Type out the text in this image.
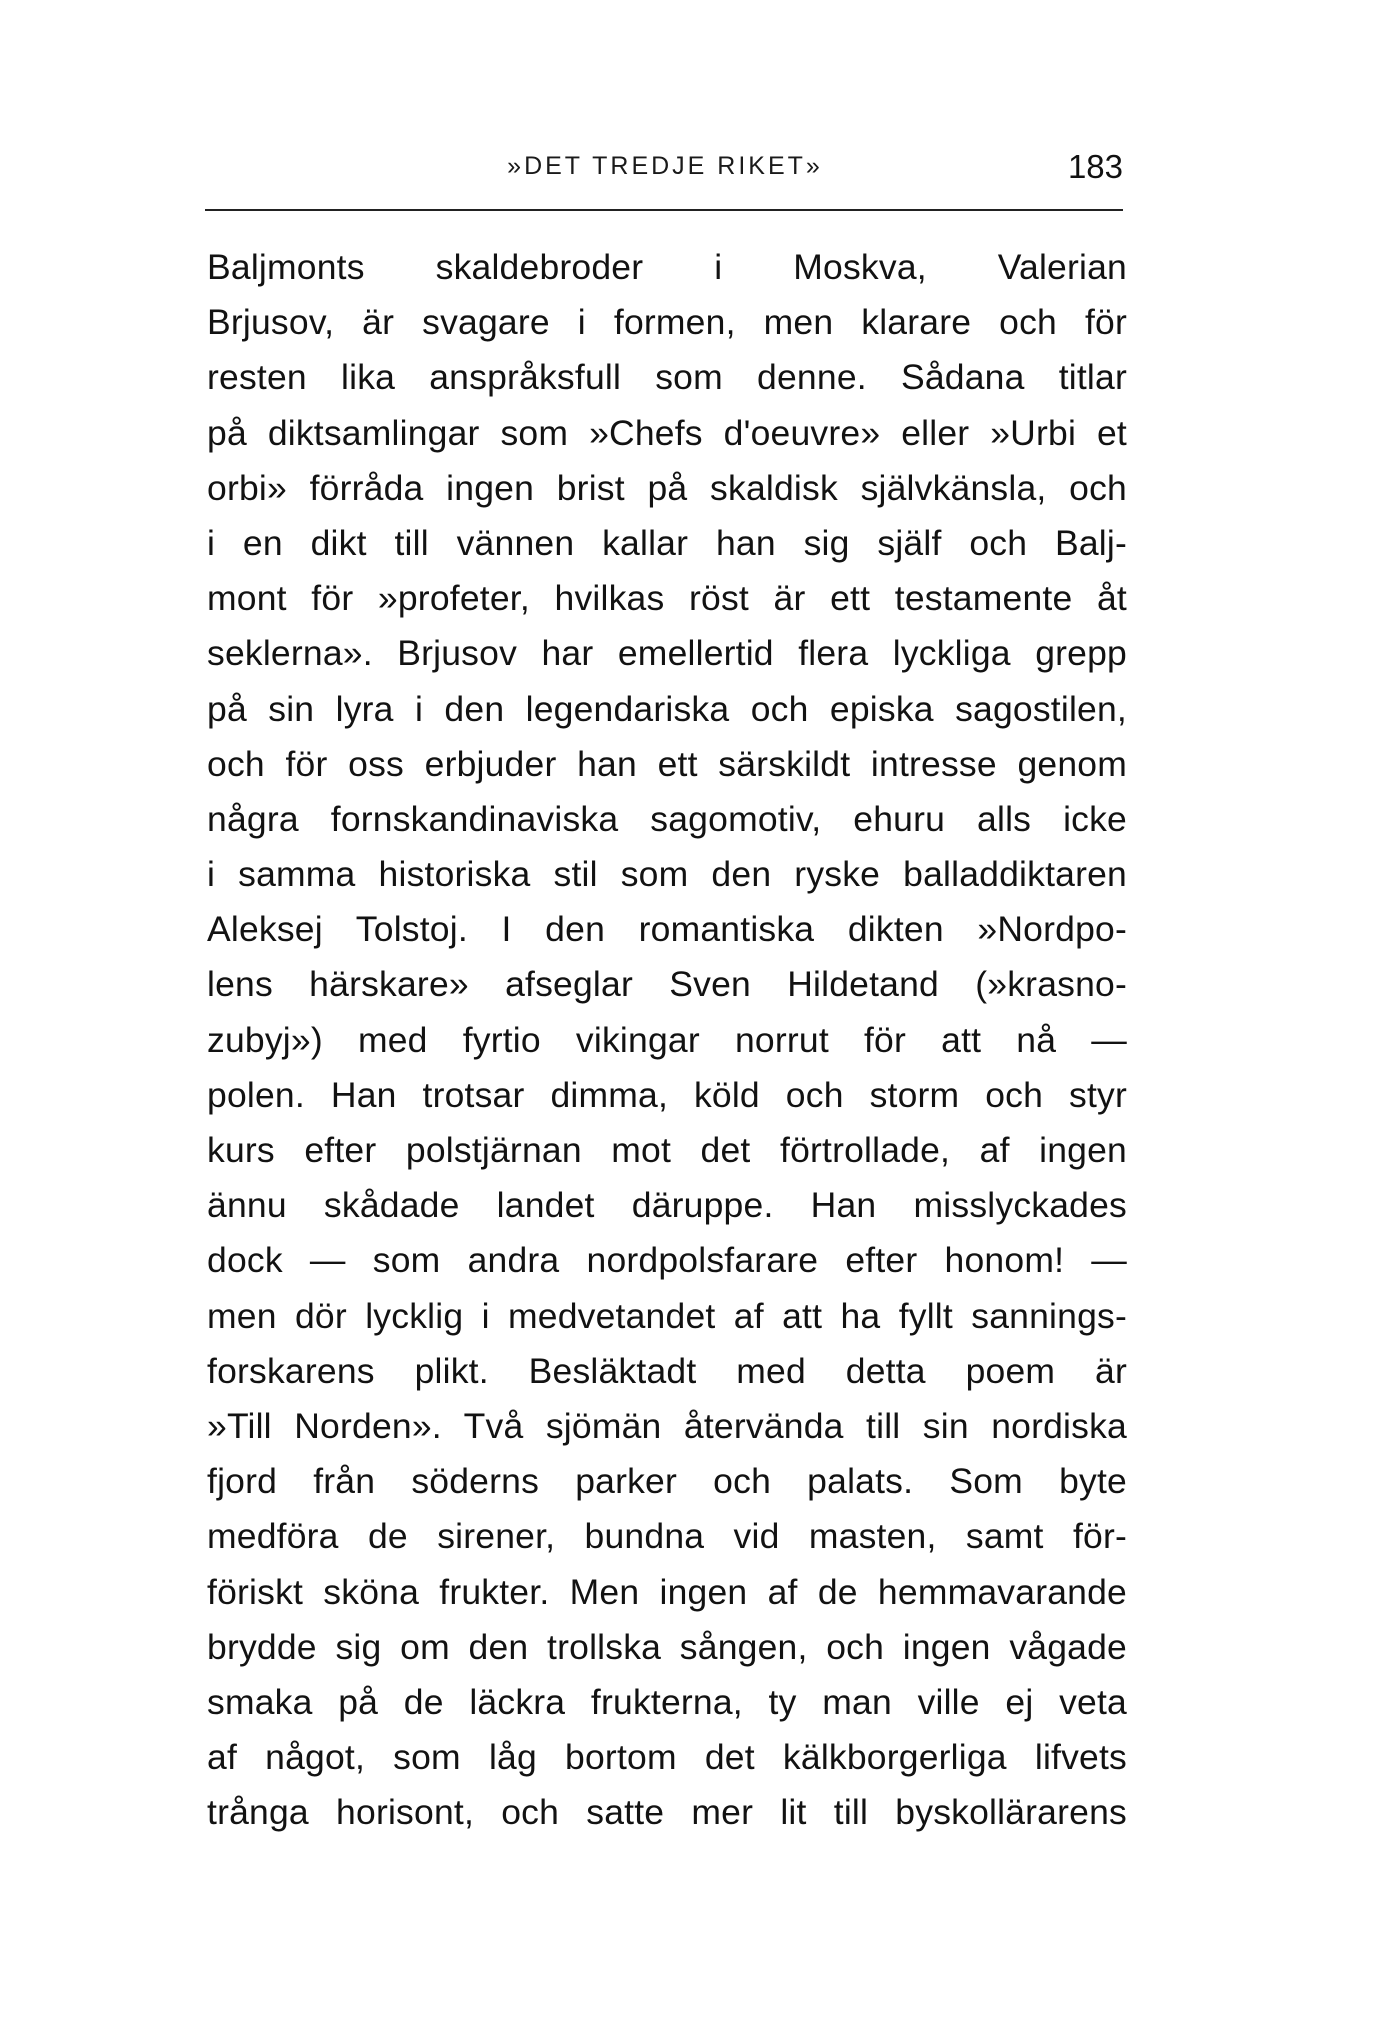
»DET TREDJE RIKET»	183
Baljmonts skaldebroder i Moskva, Valerian
Brjusov, är svagare i formen, men klarare och för
resten lika anspråksfull som denne. Sådana titlar
på diktsamlingar som »Chefs d'oeuvre» eller »Urbi et
orbi» förråda ingen brist på skaldisk självkänsla, och
i en dikt till vännen kallar han sig själf och Balj-
mont för »profeter, hvilkas röst är ett testamente åt
seklerna». Brjusov har emellertid flera lyckliga grepp
på sin lyra i den legendariska och episka sagostilen,
och för oss erbjuder han ett särskildt intresse genom
några fornskandinaviska sagomotiv, ehuru alls icke
i samma historiska stil som den ryske balladdiktaren
Aleksej Tolstoj. I den romantiska dikten »Nordpo-
lens härskare» afseglar Sven Hildetand (»krasno-
zubyj») med fyrtio vikingar norrut för att nå —
polen. Han trotsar dimma, köld och storm och styr
kurs efter polstjärnan mot det förtrollade, af ingen
ännu skådade landet däruppe. Han misslyckades
dock — som andra nordpolsfarare efter honom! —
men dör lycklig i medvetandet af att ha fyllt sannings-
forskarens plikt. Besläktadt med detta poem är
»Till Norden». Två sjömän återvända till sin nordiska
fjord från söderns parker och palats. Som byte
medföra de sirener, bundna vid masten, samt för-
föriskt sköna frukter. Men ingen af de hemmavarande
brydde sig om den trollska sången, och ingen vågade
smaka på de läckra frukterna, ty man ville ej veta
af något, som låg bortom det kälkborgerliga lifvets
trånga horisont, och satte mer lit till byskollärarens
